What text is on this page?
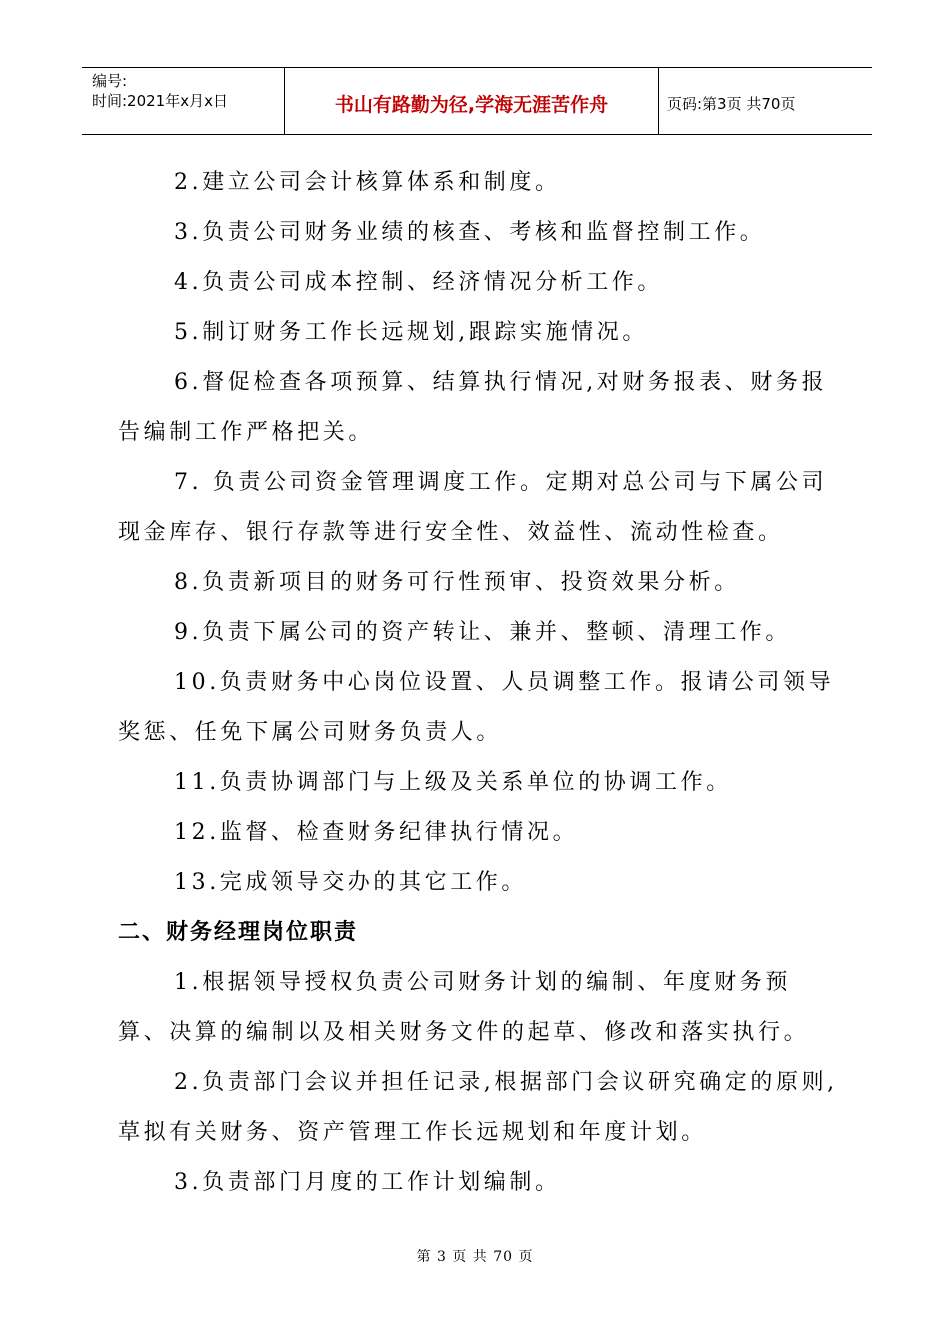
编号:
时间:2021年x月x日	书山有路勤为径,学海无涯苦作舟	页码:第3页 共70页

2.建立公司会计核算体系和制度。

3.负责公司财务业绩的核查、考核和监督控制工作。

4.负责公司成本控制、经济情况分析工作。

5.制订财务工作长远规划,跟踪实施情况。

6.督促检查各项预算、结算执行情况,对财务报表、财务报告编制工作严格把关。

7. 负责公司资金管理调度工作。定期对总公司与下属公司现金库存、银行存款等进行安全性、效益性、流动性检查。

8.负责新项目的财务可行性预审、投资效果分析。

9.负责下属公司的资产转让、兼并、整顿、清理工作。

10.负责财务中心岗位设置、人员调整工作。报请公司领导奖惩、任免下属公司财务负责人。

11.负责协调部门与上级及关系单位的协调工作。

12.监督、检查财务纪律执行情况。

13.完成领导交办的其它工作。

二、财务经理岗位职责

1.根据领导授权负责公司财务计划的编制、年度财务预算、决算的编制以及相关财务文件的起草、修改和落实执行。

2.负责部门会议并担任记录,根据部门会议研究确定的原则,草拟有关财务、资产管理工作长远规划和年度计划。

3.负责部门月度的工作计划编制。

第 3 页 共 70 页
